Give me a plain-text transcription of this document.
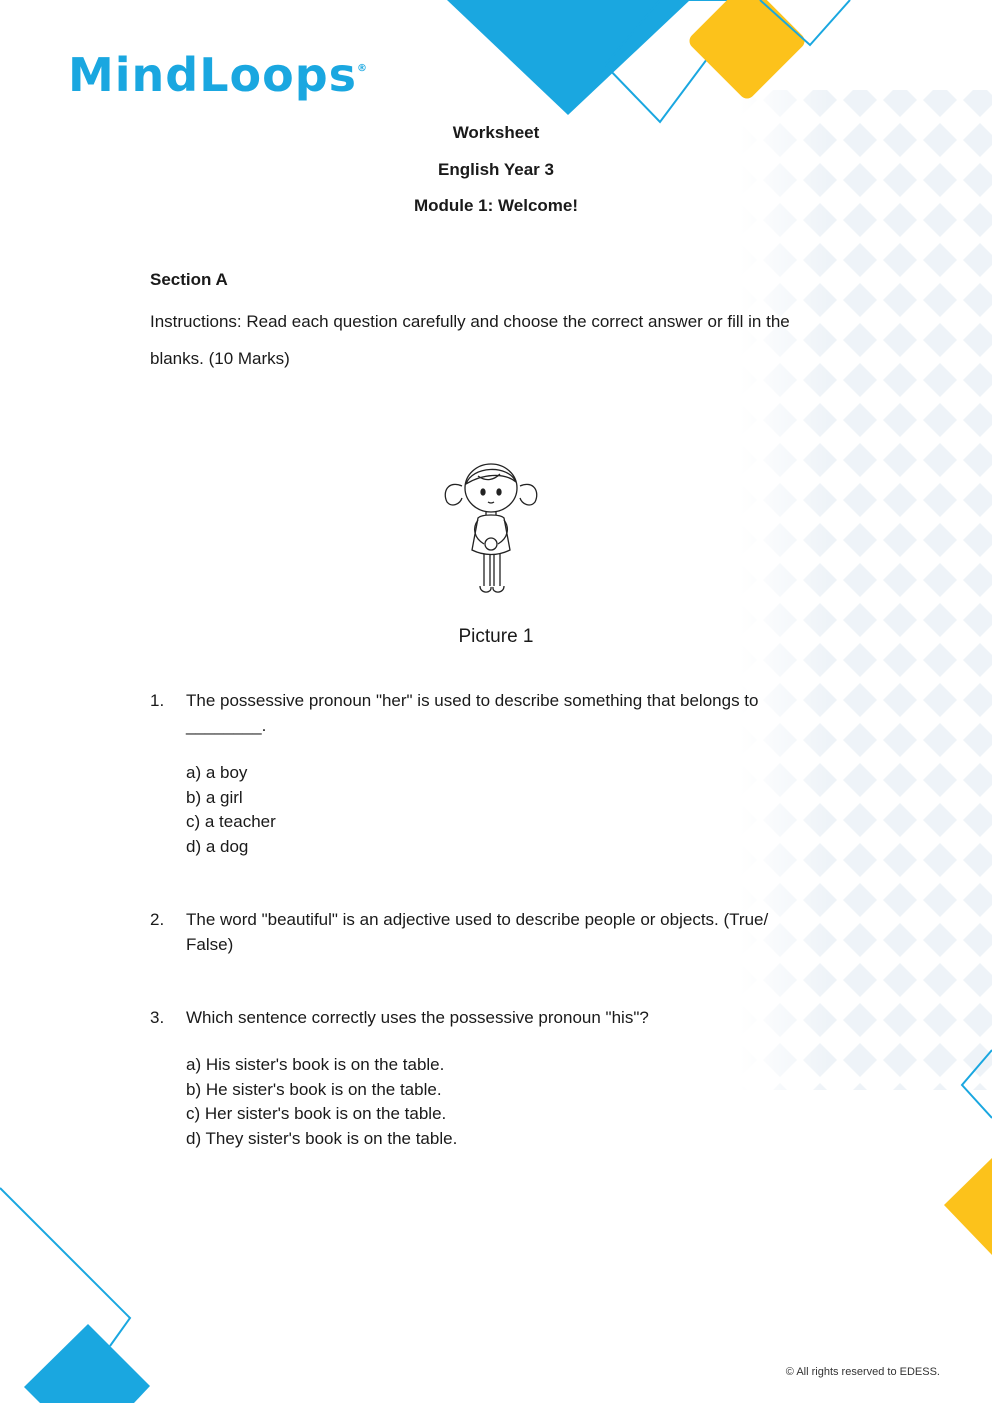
MindLoops®
Worksheet
English Year 3
Module 1: Welcome!
Section A
Instructions: Read each question carefully and choose the correct answer or fill in the blanks. (10 Marks)
Picture 1
1. The possessive pronoun "her" is used to describe something that belongs to ________.
a) a boy
b) a girl
c) a teacher
d) a dog
2. The word "beautiful" is an adjective used to describe people or objects. (True/ False)
3. Which sentence correctly uses the possessive pronoun "his"?
a) His sister's book is on the table.
b) He sister's book is on the table.
c) Her sister's book is on the table.
d) They sister's book is on the table.
© All rights reserved to EDESS.
